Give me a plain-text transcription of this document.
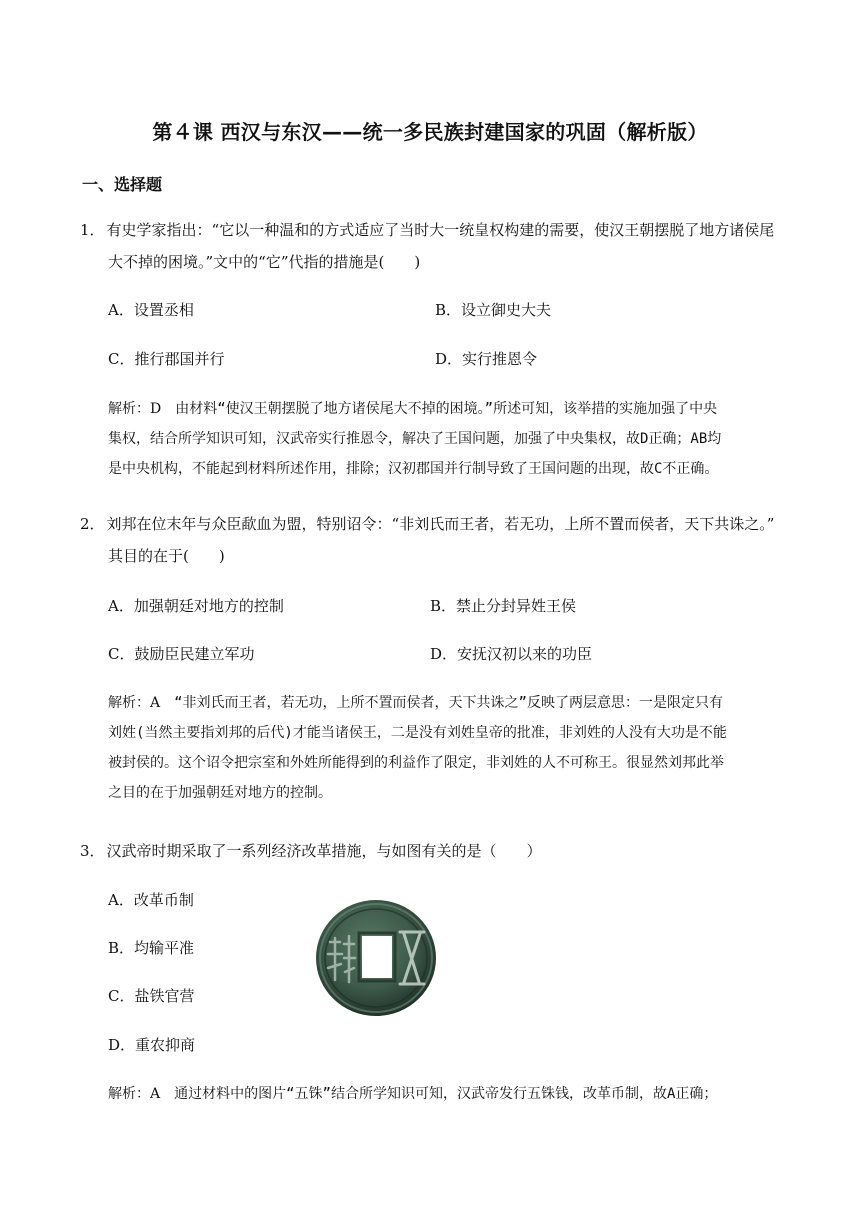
第４课 西汉与东汉——统一多民族封建国家的巩固（解析版）
一、选择题
1． 有史学家指出：“它以一种温和的方式适应了当时大一统皇权构建的需要，使汉王朝摆脱了地方诸侯尾
大不掉的困境。”文中的“它”代指的措施是(　　)
A．设置丞相	B．设立御史大夫
C．推行郡国并行	D．实行推恩令
解析：D　由材料“使汉王朝摆脱了地方诸侯尾大不掉的困境。”所述可知，该举措的实施加强了中央
集权，结合所学知识可知，汉武帝实行推恩令，解决了王国问题，加强了中央集权，故D正确；AB均
是中央机构，不能起到材料所述作用，排除；汉初郡国并行制导致了王国问题的出现，故C不正确。
2． 刘邦在位末年与众臣歃血为盟，特别诏令：“非刘氏而王者，若无功，上所不置而侯者，天下共诛之。”
其目的在于(　　)
A．加强朝廷对地方的控制	B．禁止分封异姓王侯
C．鼓励臣民建立军功	D．安抚汉初以来的功臣
解析：A　“非刘氏而王者，若无功，上所不置而侯者，天下共诛之”反映了两层意思：一是限定只有
刘姓(当然主要指刘邦的后代)才能当诸侯王，二是没有刘姓皇帝的批准，非刘姓的人没有大功是不能
被封侯的。这个诏令把宗室和外姓所能得到的利益作了限定，非刘姓的人不可称王。很显然刘邦此举
之目的在于加强朝廷对地方的控制。
3． 汉武帝时期采取了一系列经济改革措施，与如图有关的是（　　）
A．改革币制
B．均输平准
C．盐铁官营
D．重农抑商
解析：A　通过材料中的图片“五铢”结合所学知识可知，汉武帝发行五铢钱，改革币制，故A正确；
